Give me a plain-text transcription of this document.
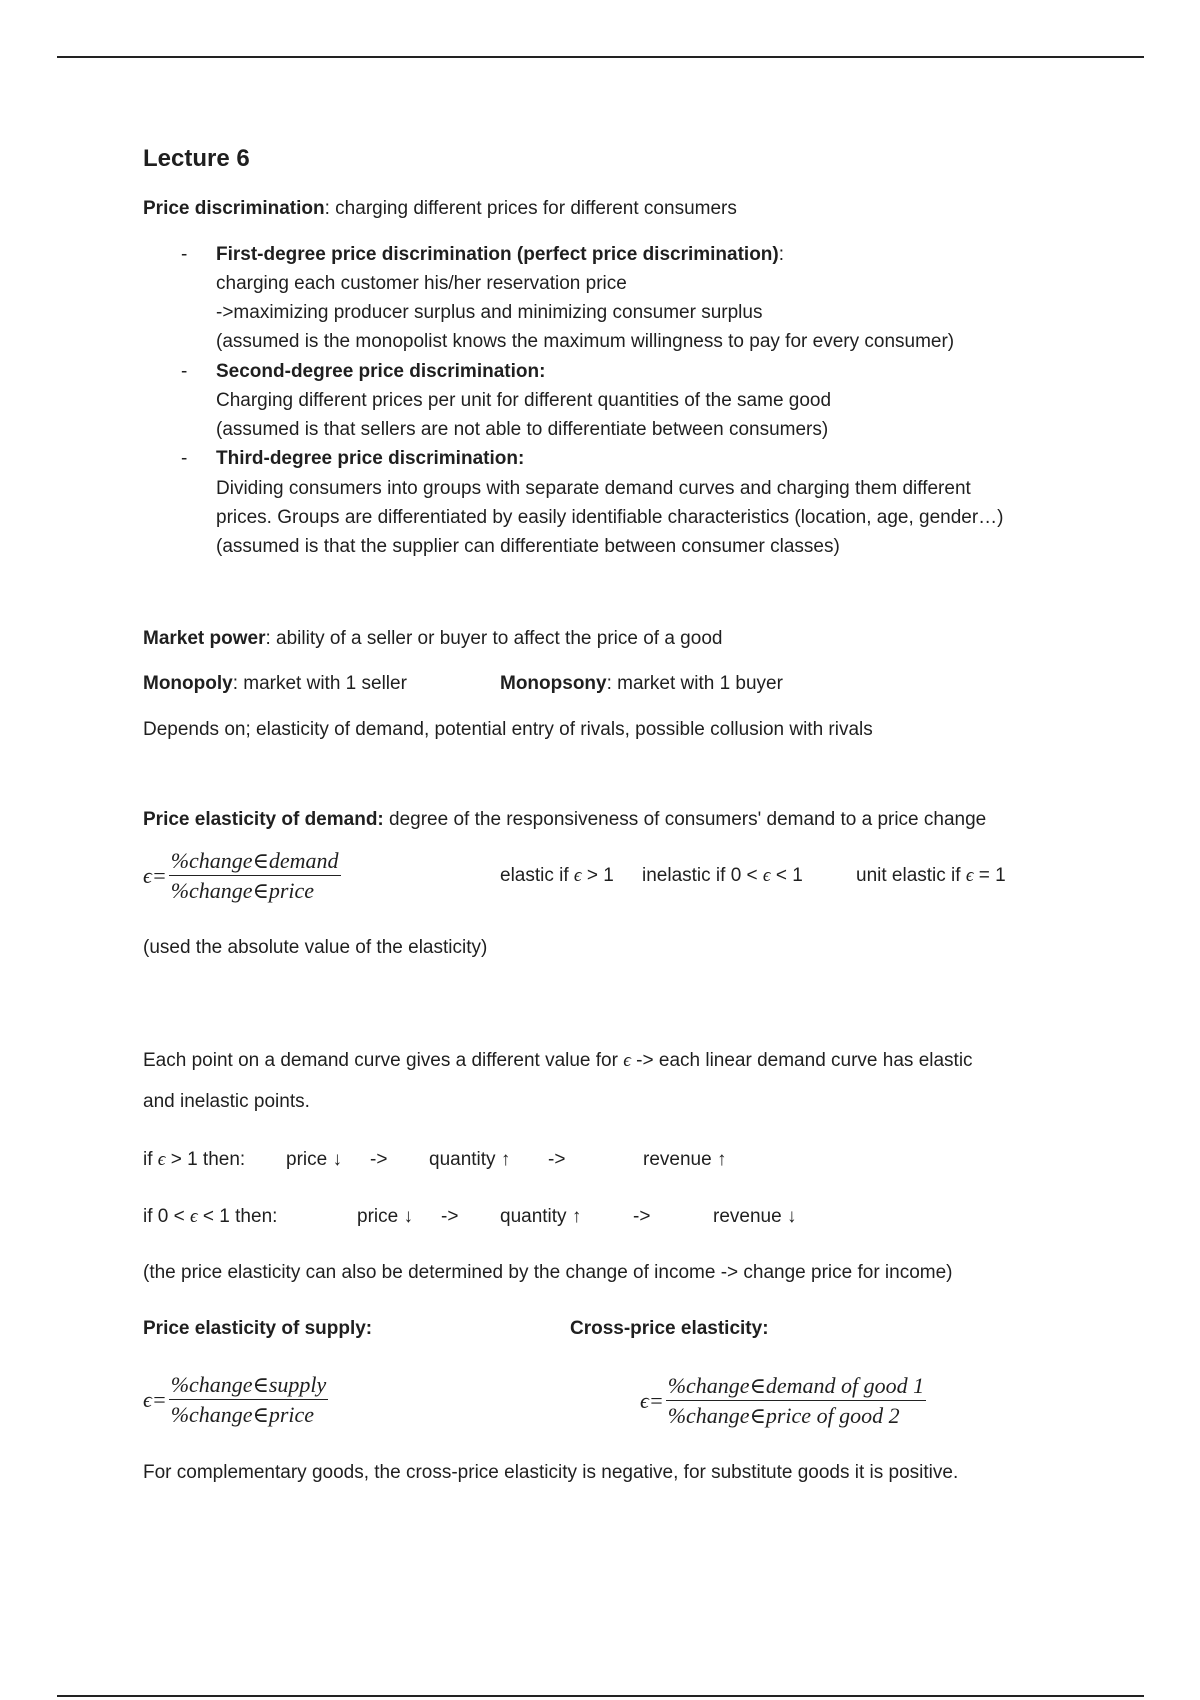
Lecture 6
Price discrimination: charging different prices for different consumers
- First-degree price discrimination (perfect price discrimination):
charging each customer his/her reservation price
->maximizing producer surplus and minimizing consumer surplus
(assumed is the monopolist knows the maximum willingness to pay for every consumer)
- Second-degree price discrimination:
Charging different prices per unit for different quantities of the same good
(assumed is that sellers are not able to differentiate between consumers)
- Third-degree price discrimination:
Dividing consumers into groups with separate demand curves and charging them different
prices. Groups are differentiated by easily identifiable characteristics (location, age, gender…)
(assumed is that the supplier can differentiate between consumer classes)
Market power: ability of a seller or buyer to affect the price of a good
Monopoly: market with 1 seller	Monopsony: market with 1 buyer
Depends on; elasticity of demand, potential entry of rivals, possible collusion with rivals
Price elasticity of demand: degree of the responsiveness of consumers' demand to a price change
$\epsilon= \frac{\text{\%change∈demand}}{\text{\%change∈price}}$	elastic if ϵ > 1 inelastic if 0 < ϵ < 1	unit elastic if ϵ = 1
(used the absolute value of the elasticity)
Each point on a demand curve gives a different value for ϵ -> each linear demand curve has elastic
and inelastic points.
if ϵ > 1 then: price ↓ -> quantity ↑ ->	revenue ↑
if 0 < ϵ < 1 then:	price ↓ -> quantity ↑	->	revenue ↓
(the price elasticity can also be determined by the change of income -> change price for income)
Price elasticity of supply:	Cross-price elasticity:
$\epsilon= \frac{\text{\%change∈supply}}{\text{\%change∈price}}$	$\epsilon= \frac{\text{\%change∈demand of good 1}}{\text{\%change∈price of good 2}}$
For complementary goods, the cross-price elasticity is negative, for substitute goods it is positive.
